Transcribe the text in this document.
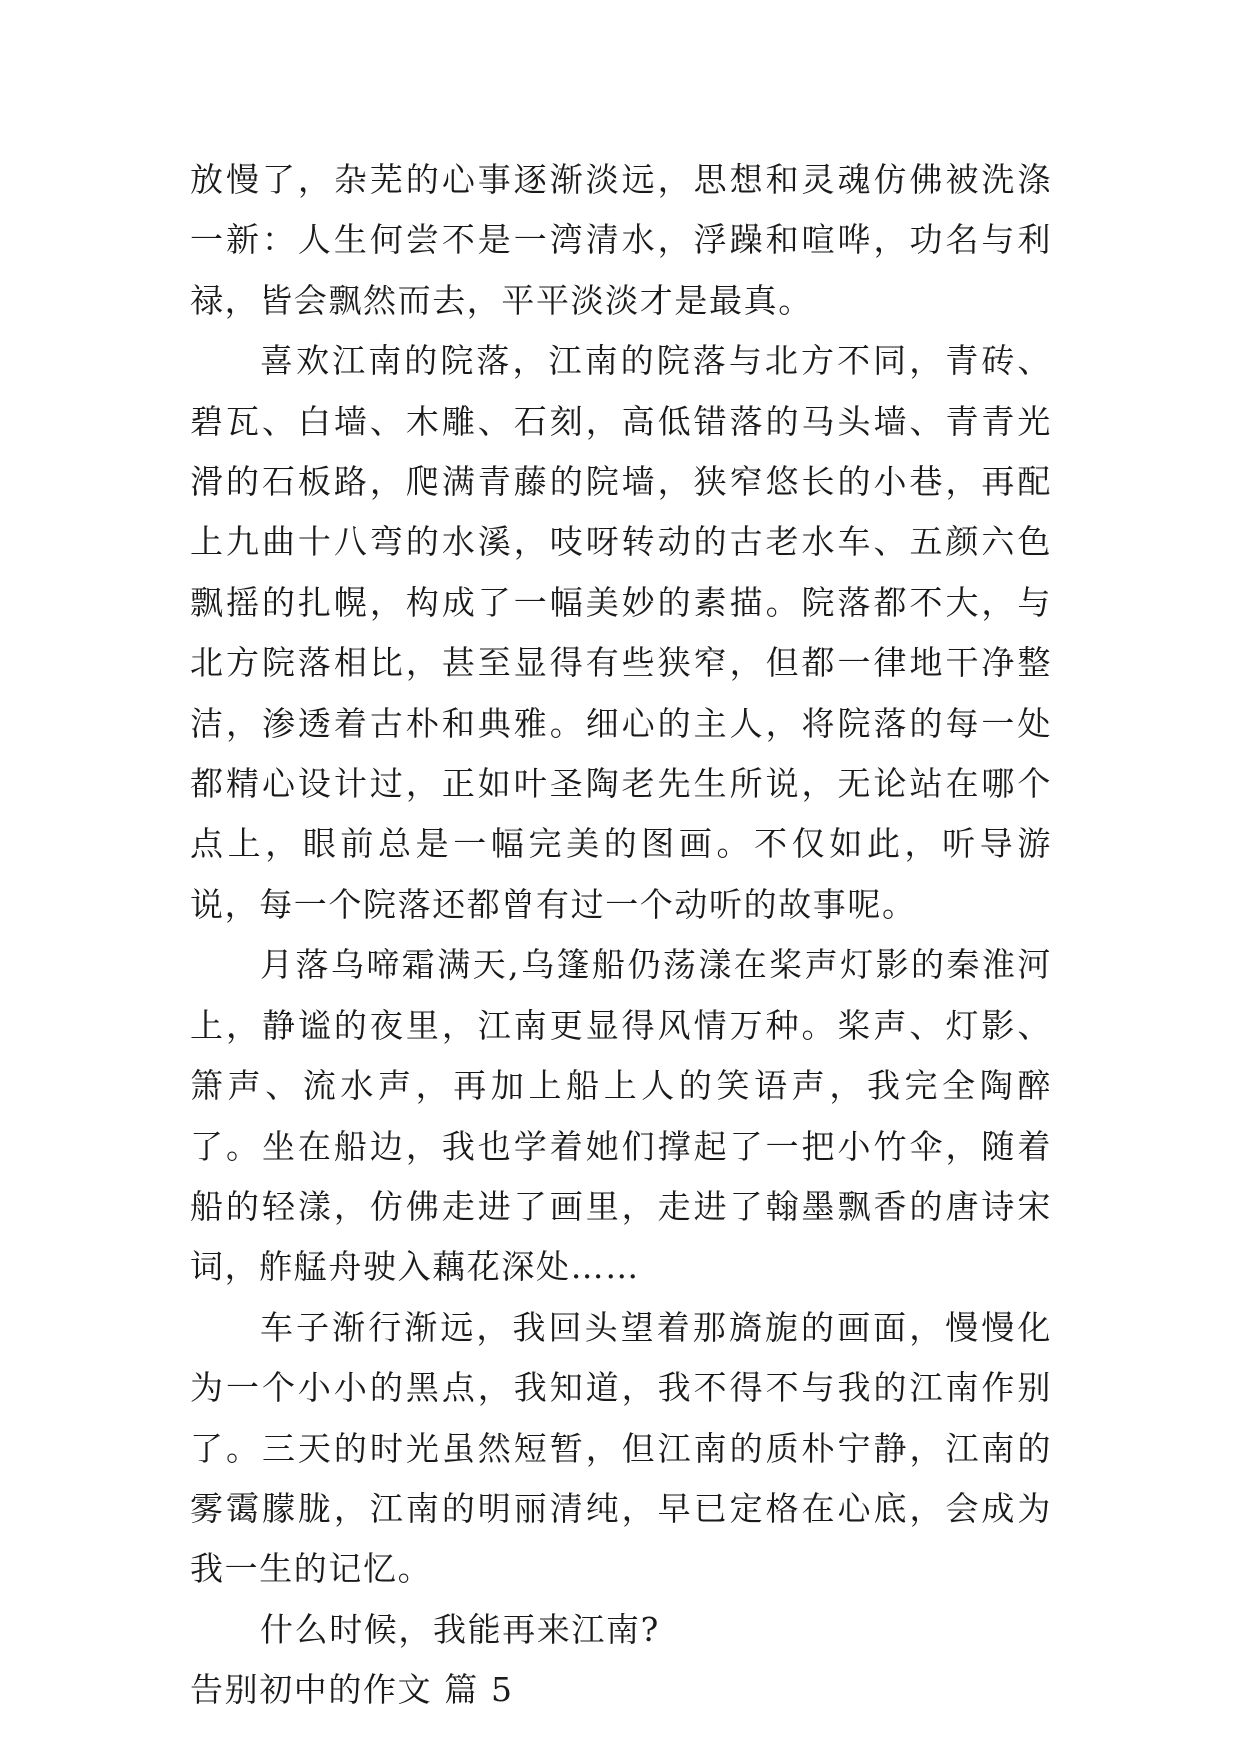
放慢了，杂芜的心事逐渐淡远，思想和灵魂仿佛被洗涤一新：人生何尝不是一湾清水，浮躁和喧哗，功名与利禄，皆会飘然而去，平平淡淡才是最真。

喜欢江南的院落，江南的院落与北方不同，青砖、碧瓦、白墙、木雕、石刻，高低错落的马头墙、青青光滑的石板路，爬满青藤的院墙，狭窄悠长的小巷，再配上九曲十八弯的水溪，吱呀转动的古老水车、五颜六色飘摇的扎幌，构成了一幅美妙的素描。院落都不大，与北方院落相比，甚至显得有些狭窄，但都一律地干净整洁，渗透着古朴和典雅。细心的主人，将院落的每一处都精心设计过，正如叶圣陶老先生所说，无论站在哪个点上，眼前总是一幅完美的图画。不仅如此，听导游说，每一个院落还都曾有过一个动听的故事呢。

月落乌啼霜满天,乌篷船仍荡漾在桨声灯影的秦淮河上，静谧的夜里，江南更显得风情万种。桨声、灯影、箫声、流水声，再加上船上人的笑语声，我完全陶醉了。坐在船边，我也学着她们撑起了一把小竹伞，随着船的轻漾，仿佛走进了画里，走进了翰墨飘香的唐诗宋词，舴艋舟驶入藕花深处……

车子渐行渐远，我回头望着那旖旎的画面，慢慢化为一个小小的黑点，我知道，我不得不与我的江南作别了。三天的时光虽然短暂，但江南的质朴宁静，江南的雾霭朦胧，江南的明丽清纯，早已定格在心底，会成为我一生的记忆。

什么时候，我能再来江南?

告别初中的作文 篇 5
